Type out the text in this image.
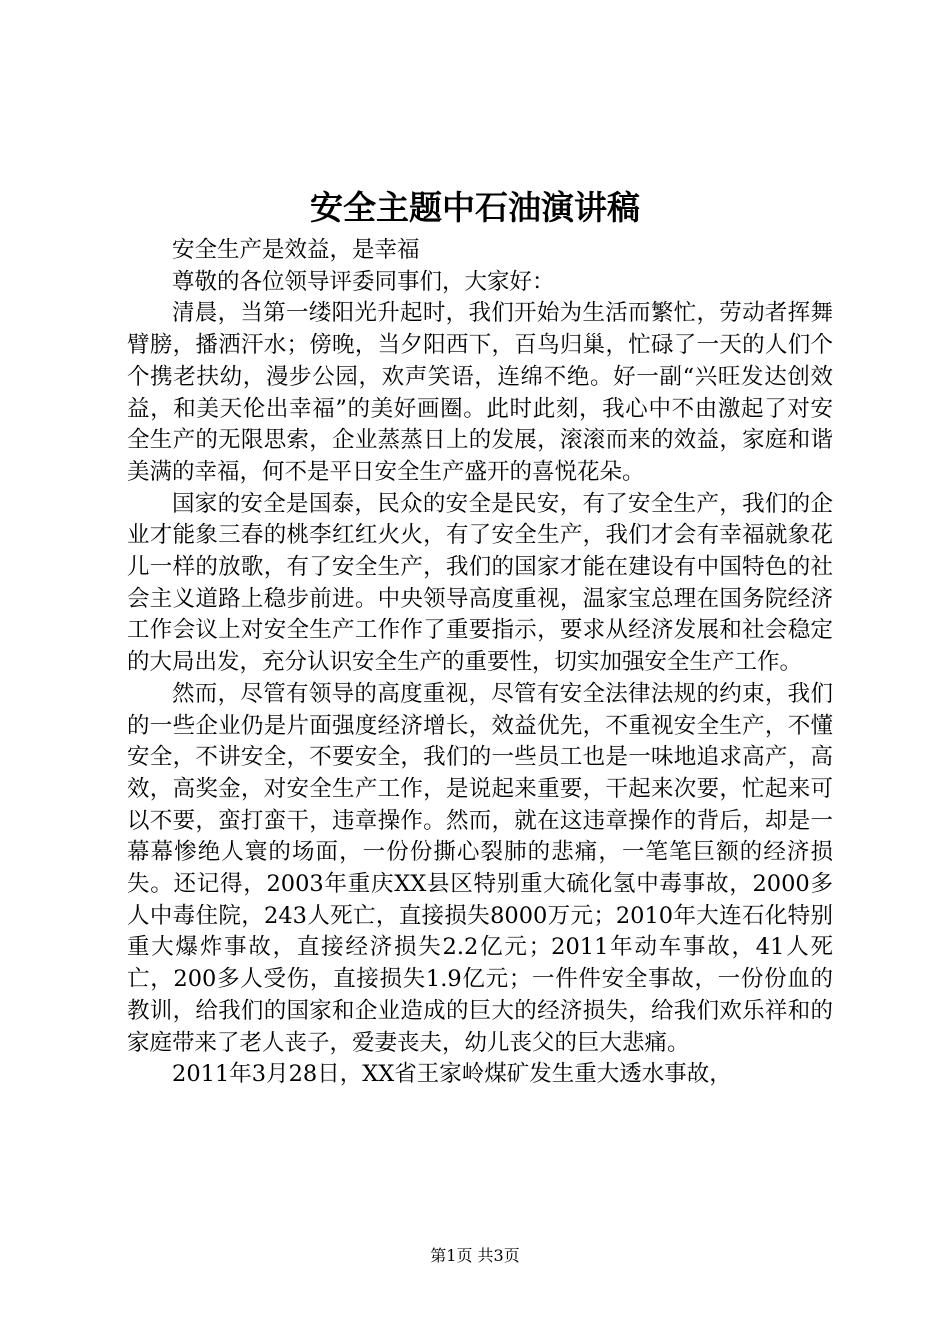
安全主题中石油演讲稿

安全生产是效益，是幸福

尊敬的各位领导评委同事们，大家好：

清晨，当第一缕阳光升起时，我们开始为生活而繁忙，劳动者挥舞臂膀，播洒汗水；傍晚，当夕阳西下，百鸟归巢，忙碌了一天的人们个个携老扶幼，漫步公园，欢声笑语，连绵不绝。好一副“兴旺发达创效益，和美天伦出幸福”的美好画圈。此时此刻，我心中不由激起了对安全生产的无限思索，企业蒸蒸日上的发展，滚滚而来的效益，家庭和谐美满的幸福，何不是平日安全生产盛开的喜悦花朵。

国家的安全是国泰，民众的安全是民安，有了安全生产，我们的企业才能象三春的桃李红红火火，有了安全生产，我们才会有幸福就象花儿一样的放歌，有了安全生产，我们的国家才能在建设有中国特色的社会主义道路上稳步前进。中央领导高度重视，温家宝总理在国务院经济工作会议上对安全生产工作作了重要指示，要求从经济发展和社会稳定的大局出发，充分认识安全生产的重要性，切实加强安全生产工作。

然而，尽管有领导的高度重视，尽管有安全法律法规的约束，我们的一些企业仍是片面强度经济增长，效益优先，不重视安全生产，不懂安全，不讲安全，不要安全，我们的一些员工也是一味地追求高产，高效，高奖金，对安全生产工作，是说起来重要，干起来次要，忙起来可以不要，蛮打蛮干，违章操作。然而，就在这违章操作的背后，却是一幕幕惨绝人寰的场面，一份份撕心裂肺的悲痛，一笔笔巨额的经济损失。还记得，2003年重庆XX县区特别重大硫化氢中毒事故，2000多人中毒住院，243人死亡，直接损失8000万元；2010年大连石化特别重大爆炸事故，直接经济损失2.2亿元；2011年动车事故，41人死亡，200多人受伤，直接损失1.9亿元；一件件安全事故，一份份血的教训，给我们的国家和企业造成的巨大的经济损失，给我们欢乐祥和的家庭带来了老人丧子，爱妻丧夫，幼儿丧父的巨大悲痛。

2011年3月28日，XX省王家岭煤矿发生重大透水事故，

第1页 共3页
